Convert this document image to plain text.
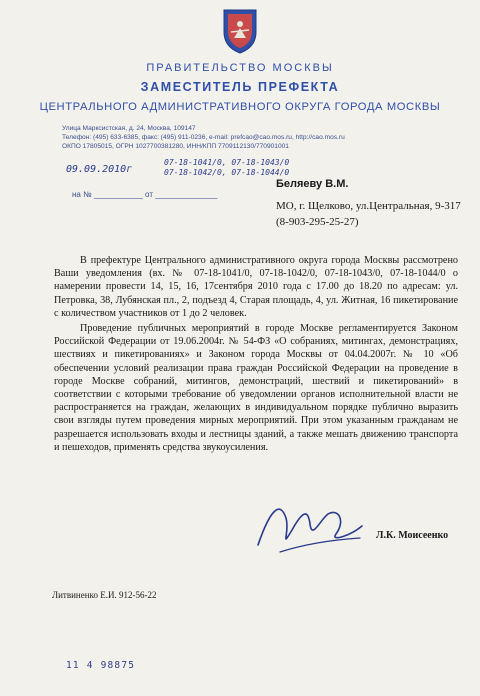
ПРАВИТЕЛЬСТВО МОСКВЫ
ЗАМЕСТИТЕЛЬ ПРЕФЕКТА
ЦЕНТРАЛЬНОГО АДМИНИСТРАТИВНОГО ОКРУГА ГОРОДА МОСКВЫ
Улица Марксистская, д. 24, Москва, 109147
Телефон: (495) 633-6385, факс: (495) 911-0236, e-mail: prefcao@cao.mos.ru, http://cao.mos.ru
ОКПО 17805015, ОГРН 1027700381280, ИНН/КПП 7709112130/770901001
09.09.2010г
07-18-1041/0, 07-18-1043/0
07-18-1042/0, 07-18-1044/0
на № ___________ от ______________
Беляеву В.М.
МО, г. Щелково, ул.Центральная, 9-317 (8-903-295-25-27)
В префектуре Центрального административного округа города Москвы рассмотрено Ваши уведомления (вх. № 07-18-1041/0, 07-18-1042/0, 07-18-1043/0, 07-18-1044/0 о намерении провести 14, 15, 16, 17сентября 2010 года с 17.00 до 18.20 по адресам: ул. Петровка, 38, Лубянская пл., 2, подъезд 4, Старая площадь, 4, ул. Житная, 16 пикетирование с количеством участников от 1 до 2 человек.
Проведение публичных мероприятий в городе Москве регламентируется Законом Российской Федерации от 19.06.2004г. № 54-ФЗ «О собраниях, митингах, демонстрациях, шествиях и пикетированиях» и Законом города Москвы от 04.04.2007г. № 10 «Об обеспечении условий реализации права граждан Российской Федерации на проведение в городе Москве собраний, митингов, демонстраций, шествий и пикетирований» в соответствии с которыми требование об уведомлении органов исполнительной власти не распространяется на граждан, желающих в индивидуальном порядке публично выразить свои взгляды путем проведения мирных мероприятий. При этом указанным гражданам не разрешается использовать входы и лестницы зданий, а также мешать движению транспорта и пешеходов, применять средства звукоусиления.
Л.К. Моисеенко
Литвиненко Е.И. 912-56-22
11 4 98875
